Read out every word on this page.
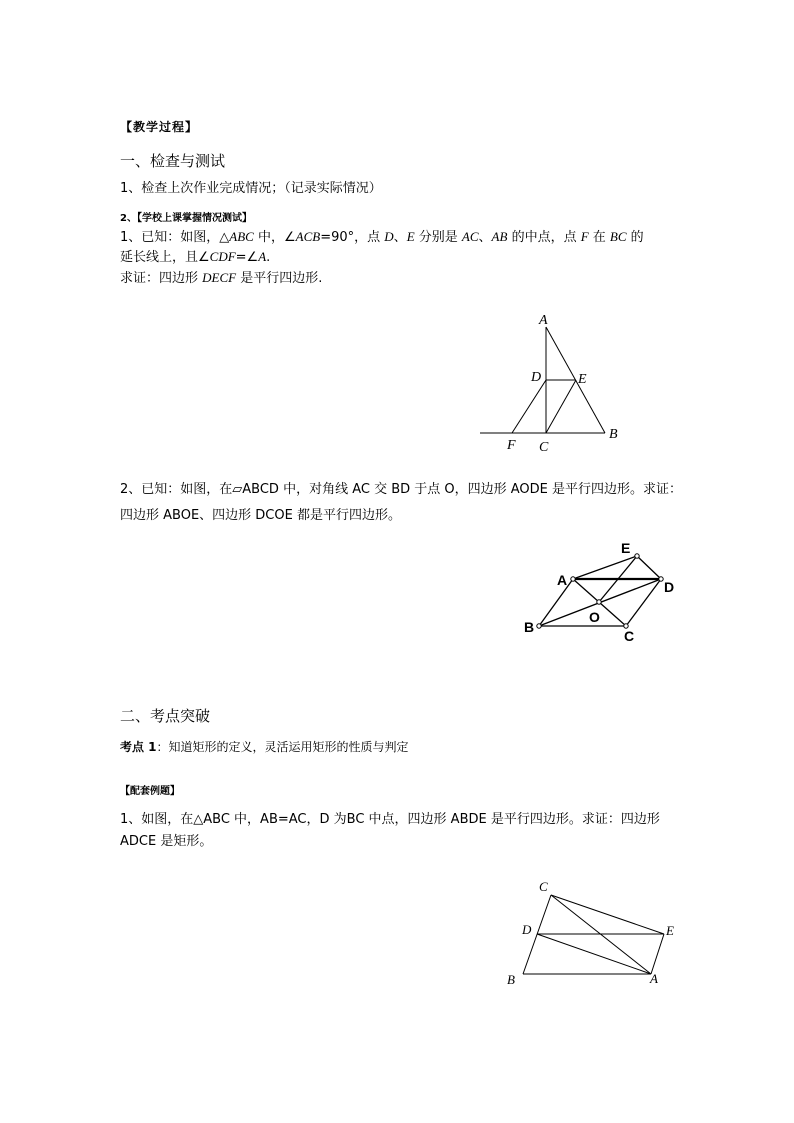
【教学过程】
一、检查与测试
1、检查上次作业完成情况；（记录实际情况）
2、【学校上课掌握情况测试】
1、已知：如图，△ABC 中，∠ACB=90°，点 D、E 分别是 AC、AB 的中点，点 F 在 BC 的
延长线上，且∠CDF=∠A.
求证：四边形 DECF 是平行四边形.
A
D	E
F C
B
2、已知：如图，在▱ABCD 中，对角线 AC 交 BD 于点 O，四边形 AODE 是平行四边形。求证：
四边形 ABOE、四边形 DCOE 都是平行四边形。
E
A	D
O
B
C
二、考点突破
考点 1：知道矩形的定义，灵活运用矩形的性质与判定
【配套例题】
1、如图，在△ABC 中，AB=AC，D 为BC 中点，四边形 ABDE 是平行四边形。求证：四边形
ADCE 是矩形。
C
D	E
B	A
